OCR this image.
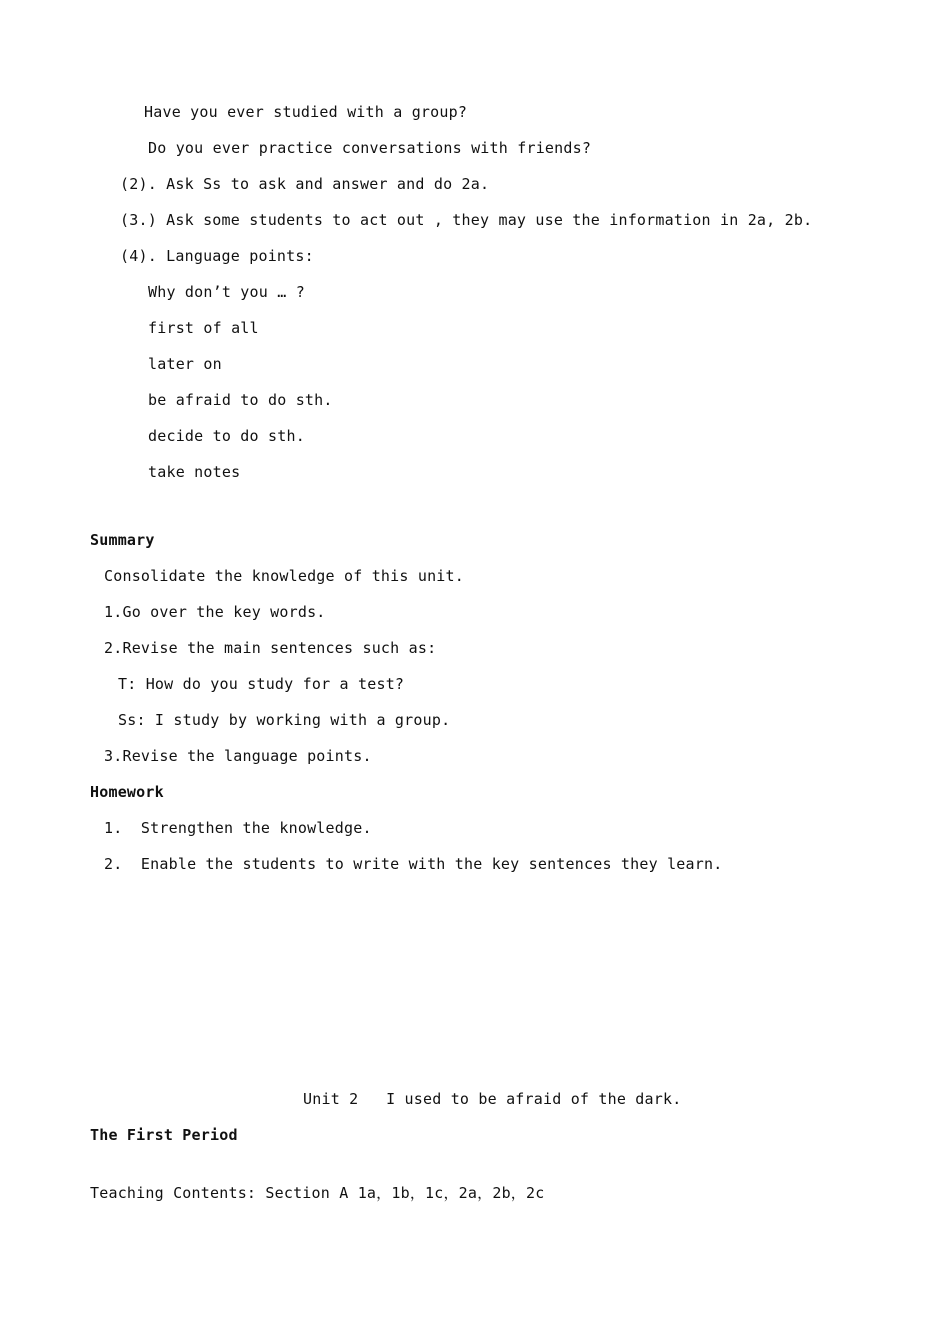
Have you ever studied with a group?
Do you ever practice conversations with friends?
(2). Ask Ss to ask and answer and do 2a.
(3.) Ask some students to act out , they may use the information in 2a, 2b.
(4). Language points:
Why don’t you … ?
first of all
later on
be afraid to do sth.
decide to do sth.
take notes
Summary
Consolidate the knowledge of this unit.
1.Go over the key words.
2.Revise the main sentences such as:
T: How do you study for a test?
Ss: I study by working with a group.
3.Revise the language points.
Homework
1.  Strengthen the knowledge.
2.  Enable the students to write with the key sentences they learn.
Unit 2   I used to be afraid of the dark.
The First Period
Teaching Contents: Section A 1a，1b，1c，2a，2b，2c
